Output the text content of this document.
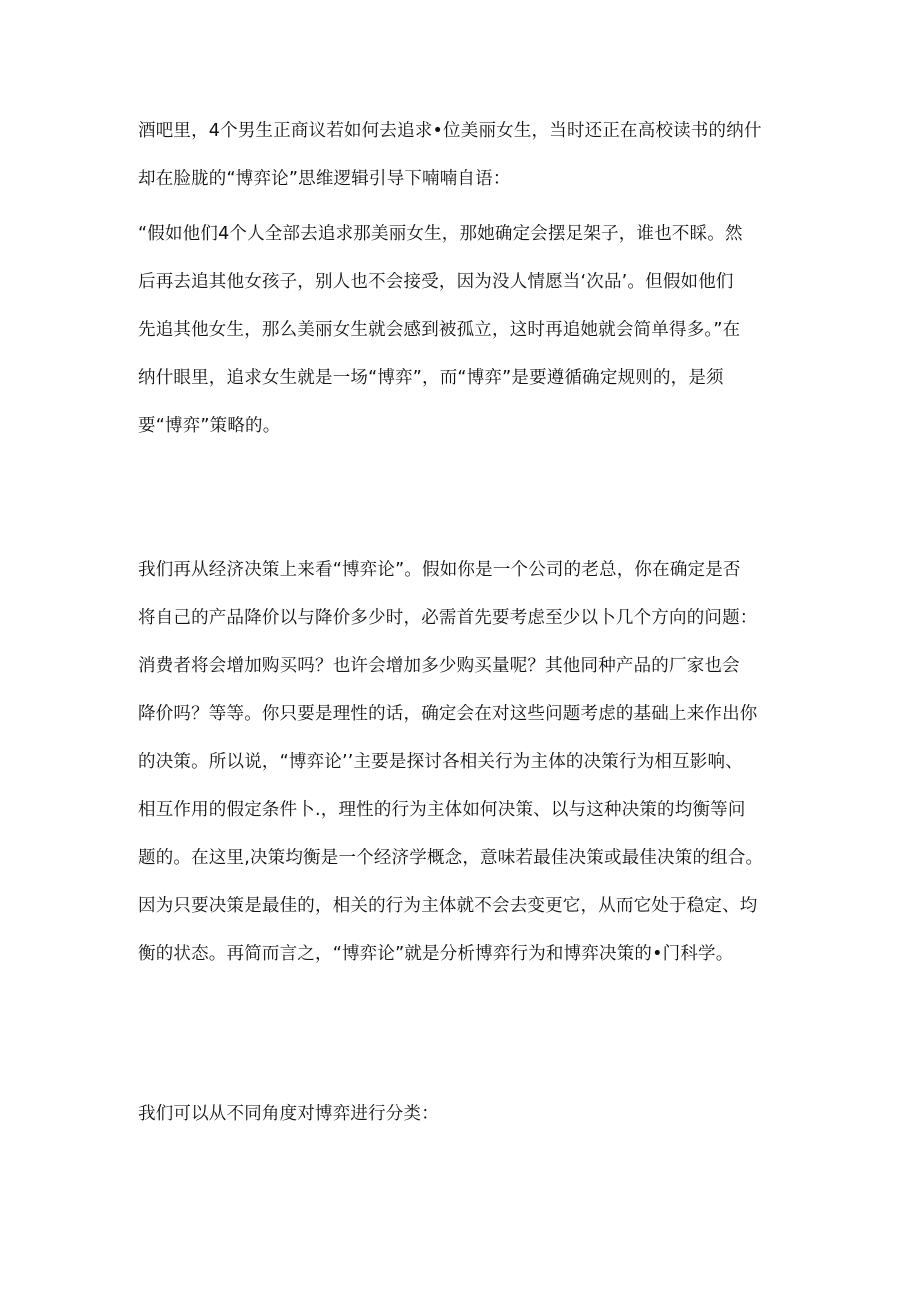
酒吧里，4个男生正商议若如何去追求•位美丽女生，当时还正在高校读书的纳什
却在脸胧的“博弈论”思维逻辑引导下喃喃自语：
“假如他们4个人全部去追求那美丽女生，那她确定会摆足架子，谁也不睬。然
后再去追其他女孩子，别人也不会接受，因为没人情愿当‘次品’。但假如他们
先追其他女生，那么美丽女生就会感到被孤立，这时再追她就会简单得多。”在
纳什眼里，追求女生就是一场“博弈”，而“博弈”是要遵循确定规则的，是须
要“博弈”策略的。
我们再从经济决策上来看“博弈论”。假如你是一个公司的老总，你在确定是否
将自己的产品降价以与降价多少时，必需首先要考虑至少以卜几个方向的问题：
消费者将会增加购买吗？也许会增加多少购买量呢？其他同种产品的厂家也会
降价吗？等等。你只要是理性的话，确定会在对这些问题考虑的基础上来作出你
的决策。所以说，“博弈论’’主要是探讨各相关行为主体的决策行为相互影响、
相互作用的假定条件卜.，理性的行为主体如何决策、以与这种决策的均衡等问
题的。在这里,决策均衡是一个经济学概念，意味若最佳决策或最佳决策的组合。
因为只要决策是最佳的，相关的行为主体就不会去变更它，从而它处于稳定、均
衡的状态。再简而言之，“博弈论”就是分析博弈行为和博弈决策的•门科学。
我们可以从不同角度对博弈进行分类：
